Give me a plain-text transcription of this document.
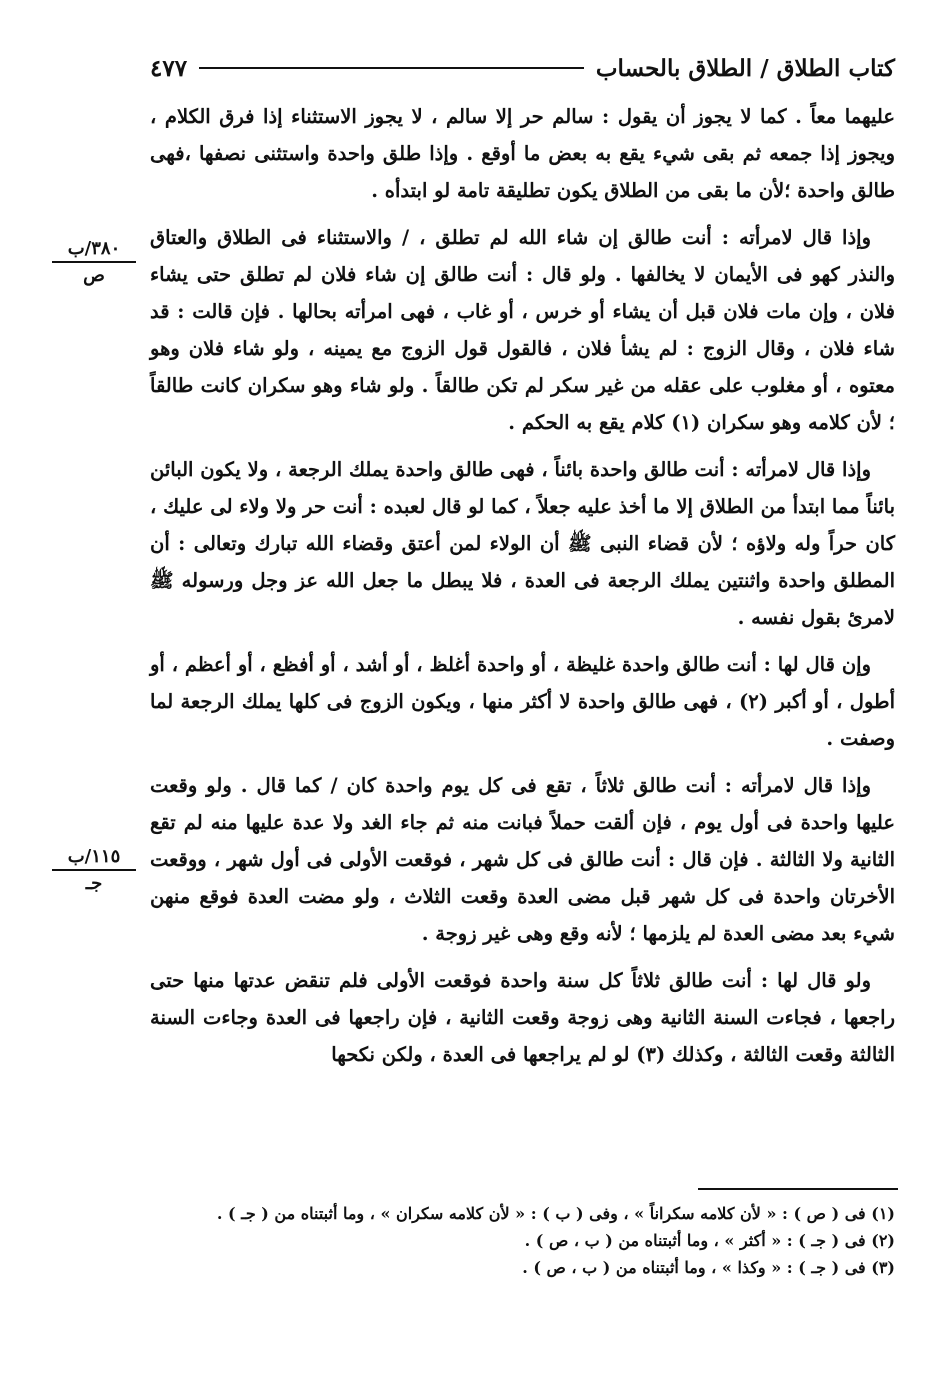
كتاب الطلاق / الطلاق بالحساب
٤٧٧

عليهما معاً . كما لا يجوز أن يقول : سالم حر إلا سالم ، لا يجوز الاستثناء إذا فرق الكلام ، ويجوز إذا جمعه ثم بقى شيء يقع به بعض ما أوقع . وإذا طلق واحدة واستثنى نصفها ،فهى طالق واحدة ؛لأن ما بقى من الطلاق يكون تطليقة تامة لو ابتدأه .

وإذا قال لامرأته : أنت طالق إن شاء الله لم تطلق ، / والاستثناء فى الطلاق والعتاق والنذر كهو فى الأيمان لا يخالفها . ولو قال : أنت طالق إن شاء فلان لم تطلق حتى يشاء فلان ، وإن مات فلان قبل أن يشاء أو خرس ، أو غاب ، فهى امرأته بحالها . فإن قالت : قد شاء فلان ، وقال الزوج : لم يشأ فلان ، فالقول قول الزوج مع يمينه ، ولو شاء فلان وهو معتوه ، أو مغلوب على عقله من غير سكر لم تكن طالقاً . ولو شاء وهو سكران كانت طالقاً ؛ لأن كلامه وهو سكران (١) كلام يقع به الحكم .

وإذا قال لامرأته : أنت طالق واحدة بائناً ، فهى طالق واحدة يملك الرجعة ، ولا يكون البائن بائناً مما ابتدأ من الطلاق إلا ما أخذ عليه جعلاً ، كما لو قال لعبده : أنت حر ولا ولاء لى عليك ، كان حراً وله ولاؤه ؛ لأن قضاء النبى ﷺ أن الولاء لمن أعتق وقضاء الله تبارك وتعالى : أن المطلق واحدة واثنتين يملك الرجعة فى العدة ، فلا يبطل ما جعل الله عز وجل ورسوله ﷺ لامرئ بقول نفسه .

وإن قال لها : أنت طالق واحدة غليظة ، أو واحدة أغلظ ، أو أشد ، أو أفظع ، أو أعظم ، أو أطول ، أو أكبر (٢) ، فهى طالق واحدة لا أكثر منها ، ويكون الزوج فى كلها يملك الرجعة لما وصفت .

وإذا قال لامرأته : أنت طالق ثلاثاً ، تقع فى كل يوم واحدة كان / كما قال . ولو وقعت عليها واحدة فى أول يوم ، فإن ألقت حملاً فبانت منه ثم جاء الغد ولا عدة عليها منه لم تقع الثانية ولا الثالثة . فإن قال : أنت طالق فى كل شهر ، فوقعت الأولى فى أول شهر ، ووقعت الأخرتان واحدة فى كل شهر قبل مضى العدة وقعت الثلاث ، ولو مضت العدة فوقع منهن شيء بعد مضى العدة لم يلزمها ؛ لأنه وقع وهى غير زوجة .

ولو قال لها : أنت طالق ثلاثاً كل سنة واحدة فوقعت الأولى فلم تنقض عدتها منها حتى راجعها ، فجاءت السنة الثانية وهى زوجة وقعت الثانية ، فإن راجعها فى العدة وجاءت السنة الثالثة وقعت الثالثة ، وكذلك (٣) لو لم يراجعها فى العدة ، ولكن نكحها

٣٨٠/ب
ص
١١٥/ب
جـ
(١) فى ( ص ) : « لأن كلامه سكراناً » ، وفى ( ب ) : « لأن كلامه سكران » ، وما أثبتناه من ( جـ ) .
(٢) فى ( جـ ) : « أكثر » ، وما أثبتناه من ( ب ، ص ) .
(٣) فى ( جـ ) : « وكذا » ، وما أثبتناه من ( ب ، ص ) .
